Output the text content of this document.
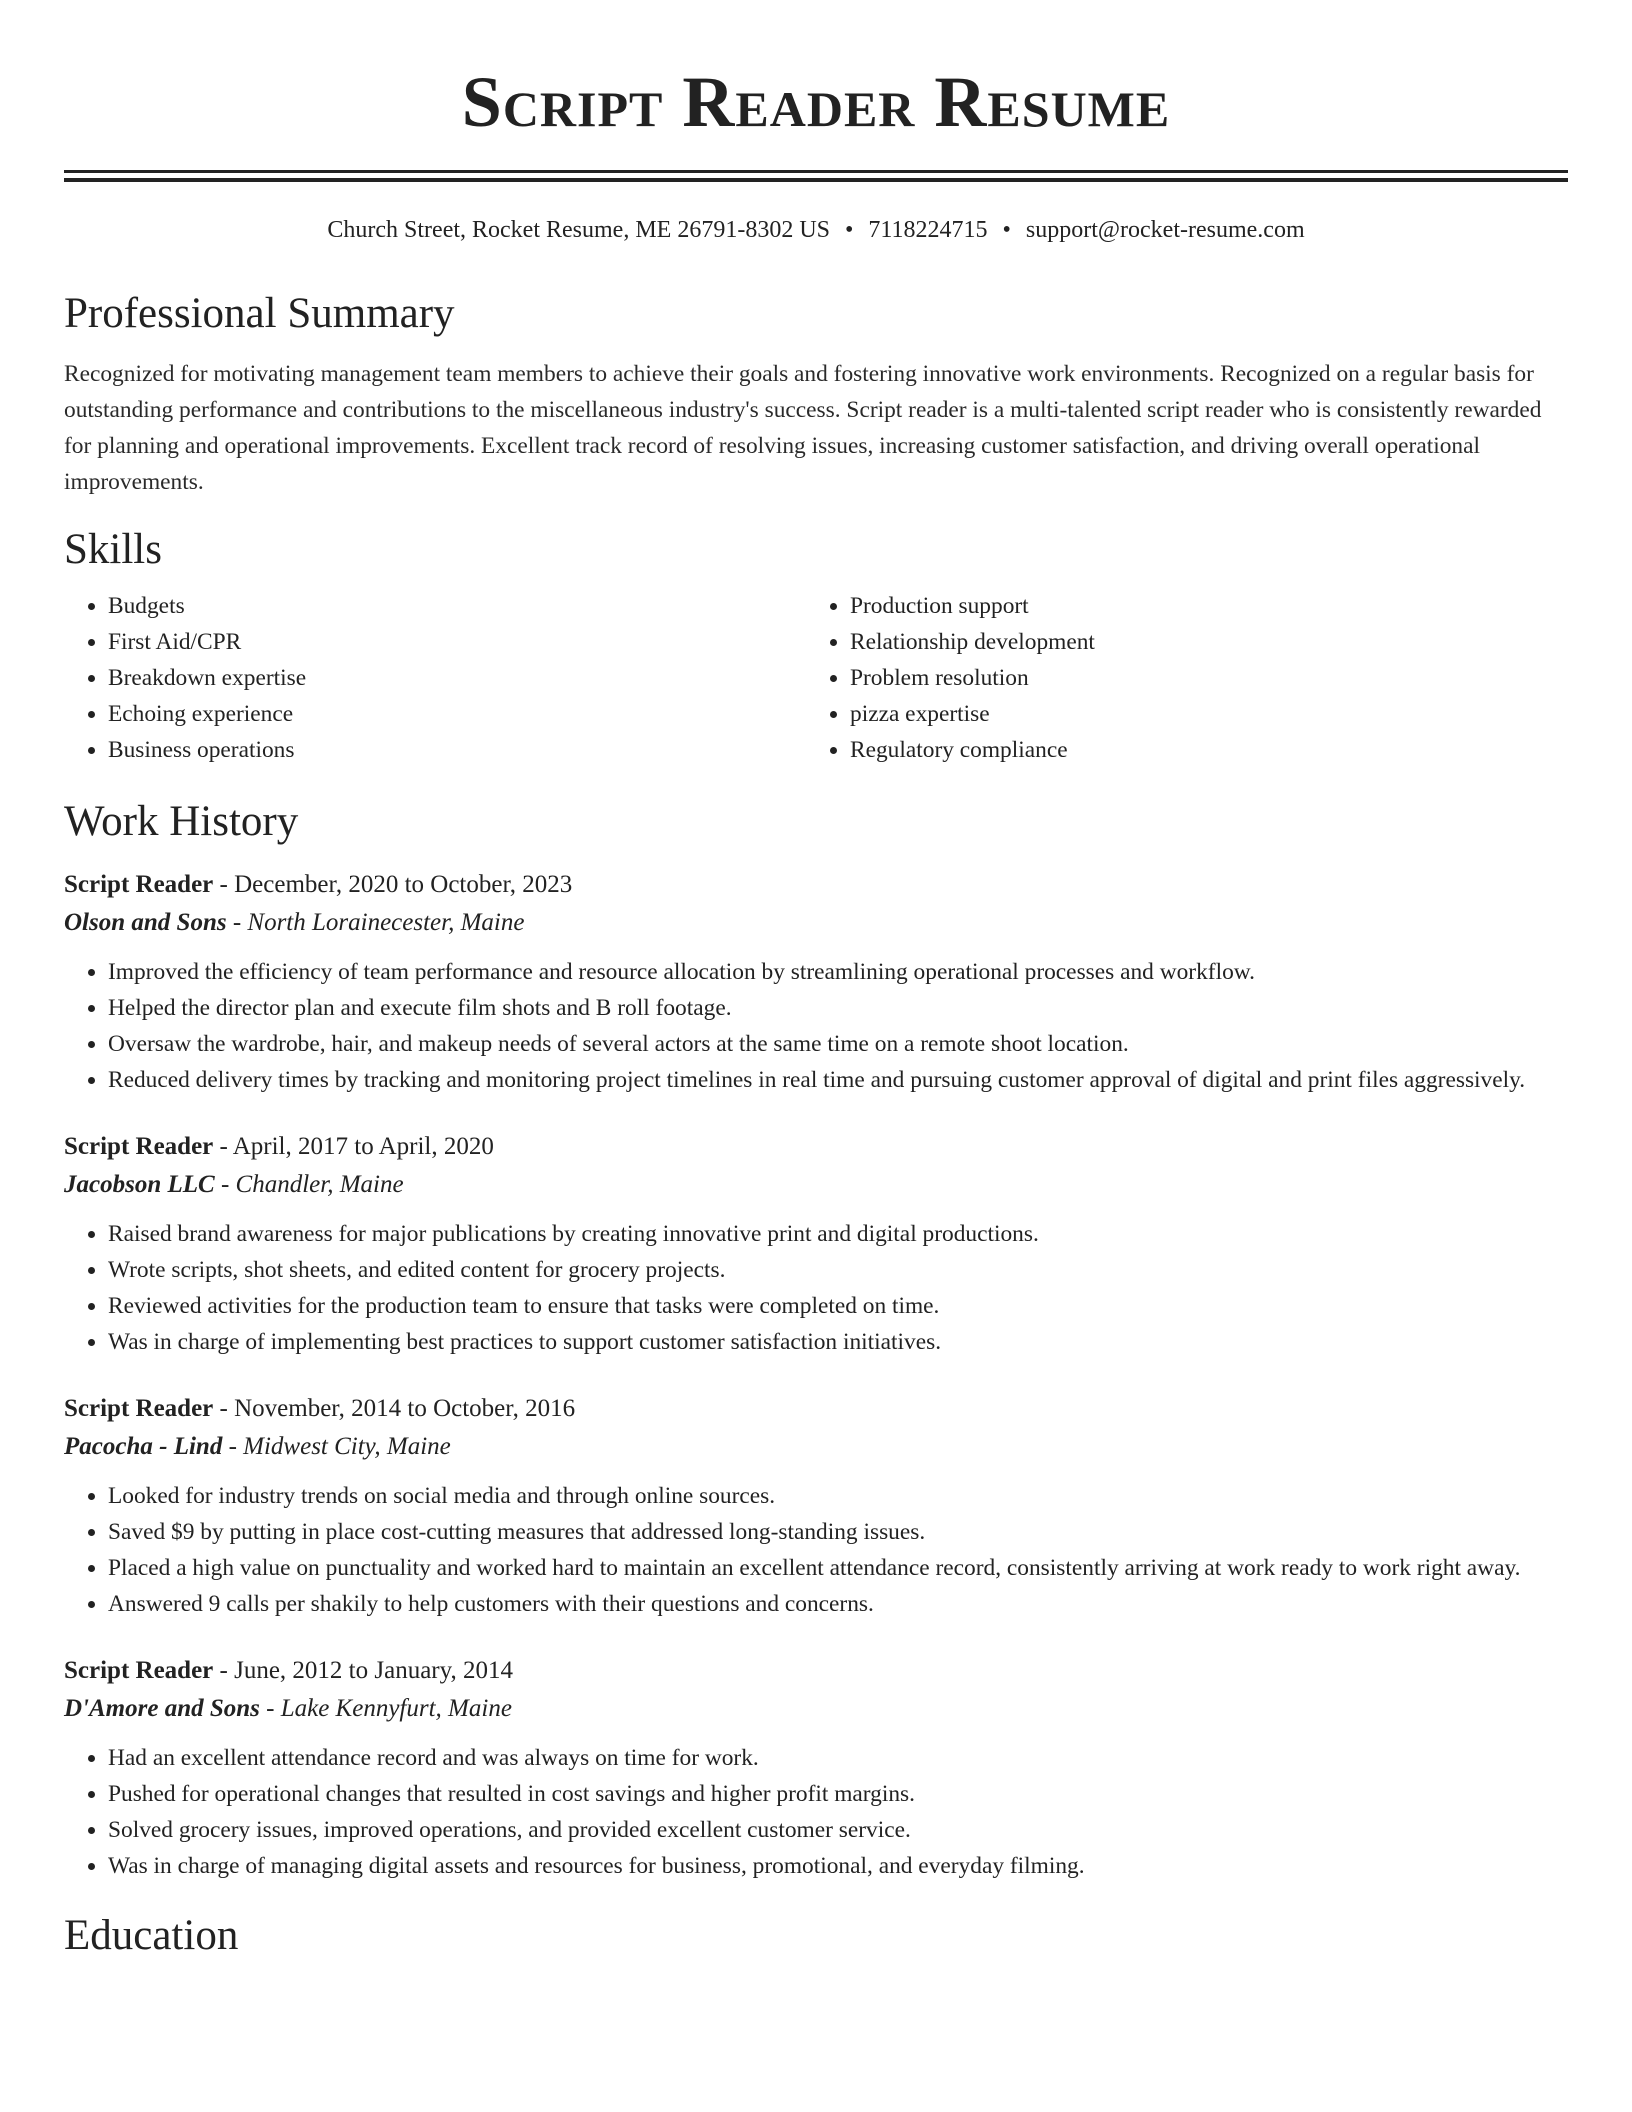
Script Reader Resume
Church Street, Rocket Resume, ME 26791-8302 US • 7118224715 • support@rocket-resume.com
Professional Summary

Recognized for motivating management team members to achieve their goals and fostering innovative work environments. Recognized on a regular basis for outstanding performance and contributions to the miscellaneous industry's success. Script reader is a multi-talented script reader who is consistently rewarded for planning and operational improvements. Excellent track record of resolving issues, increasing customer satisfaction, and driving overall operational improvements.

Skills
• Budgets
• First Aid/CPR
• Breakdown expertise
• Echoing experience
• Business operations
• Production support
• Relationship development
• Problem resolution
• pizza expertise
• Regulatory compliance
Work History
Script Reader - December, 2020 to October, 2023
Olson and Sons - North Lorainecester, Maine
• Improved the efficiency of team performance and resource allocation by streamlining operational processes and workflow.
• Helped the director plan and execute film shots and B roll footage.
• Oversaw the wardrobe, hair, and makeup needs of several actors at the same time on a remote shoot location.
• Reduced delivery times by tracking and monitoring project timelines in real time and pursuing customer approval of digital and print files aggressively.
Script Reader - April, 2017 to April, 2020
Jacobson LLC - Chandler, Maine
• Raised brand awareness for major publications by creating innovative print and digital productions.
• Wrote scripts, shot sheets, and edited content for grocery projects.
• Reviewed activities for the production team to ensure that tasks were completed on time.
• Was in charge of implementing best practices to support customer satisfaction initiatives.
Script Reader - November, 2014 to October, 2016
Pacocha - Lind - Midwest City, Maine
• Looked for industry trends on social media and through online sources.
• Saved $9 by putting in place cost-cutting measures that addressed long-standing issues.
• Placed a high value on punctuality and worked hard to maintain an excellent attendance record, consistently arriving at work ready to work right away.
• Answered 9 calls per shakily to help customers with their questions and concerns.
Script Reader - June, 2012 to January, 2014
D'Amore and Sons - Lake Kennyfurt, Maine
• Had an excellent attendance record and was always on time for work.
• Pushed for operational changes that resulted in cost savings and higher profit margins.
• Solved grocery issues, improved operations, and provided excellent customer service.
• Was in charge of managing digital assets and resources for business, promotional, and everyday filming.
Education
